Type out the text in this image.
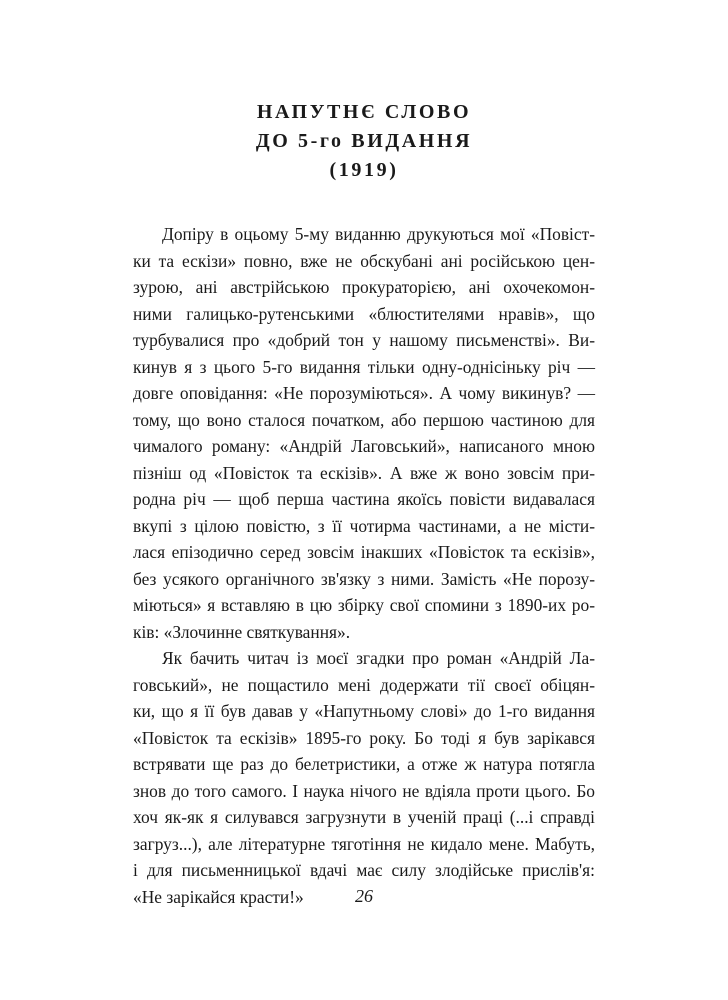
НАПУТНЄ СЛОВО
ДО 5-го ВИДАННЯ
(1919)
Допіру в оцьому 5-му виданню друкуються мої «Повіст-
ки та ескізи» повно, вже не обскубані ані російською цен-
зурою, ані австрійською прокураторією, ані охочекомон-
ними галицько-рутенськими «блюстителями нравів», що
турбувалися про «добрий тон у нашому письменстві». Ви-
кинув я з цього 5-го видання тільки одну-однісіньку річ —
довге оповідання: «Не порозуміються». А чому викинув? —
тому, що воно сталося початком, або першою частиною для
чималого роману: «Андрій Лаговський», написаного мною
пізніш од «Повісток та ескізів». А вже ж воно зовсім при-
родна річ — щоб перша частина якоїсь повісти видавалася
вкупі з цілою повістю, з її чотирма частинами, а не місти-
лася епізодично серед зовсім інакших «Повісток та ескізів»,
без усякого органічного зв'язку з ними. Замість «Не порозу-
міються» я вставляю в цю збірку свої спомини з 1890-их ро-
ків: «Злочинне святкування».
Як бачить читач із моєї згадки про роман «Андрій Ла-
говський», не пощастило мені додержати тії своєї обіцян-
ки, що я її був давав у «Напутньому слові» до 1-го видання
«Повісток та ескізів» 1895-го року. Бо тоді я був зарікався
встрявати ще раз до белетристики, а отже ж натура потягла
знов до того самого. І наука нічого не вдіяла проти цього. Бо
хоч як-як я силувався загрузнути в ученій праці (...і справді
загруз...), але літературне тяготіння не кидало мене. Мабуть,
і для письменницької вдачі має силу злодійське прислів'я:
«Не зарікайся красти!»	26
